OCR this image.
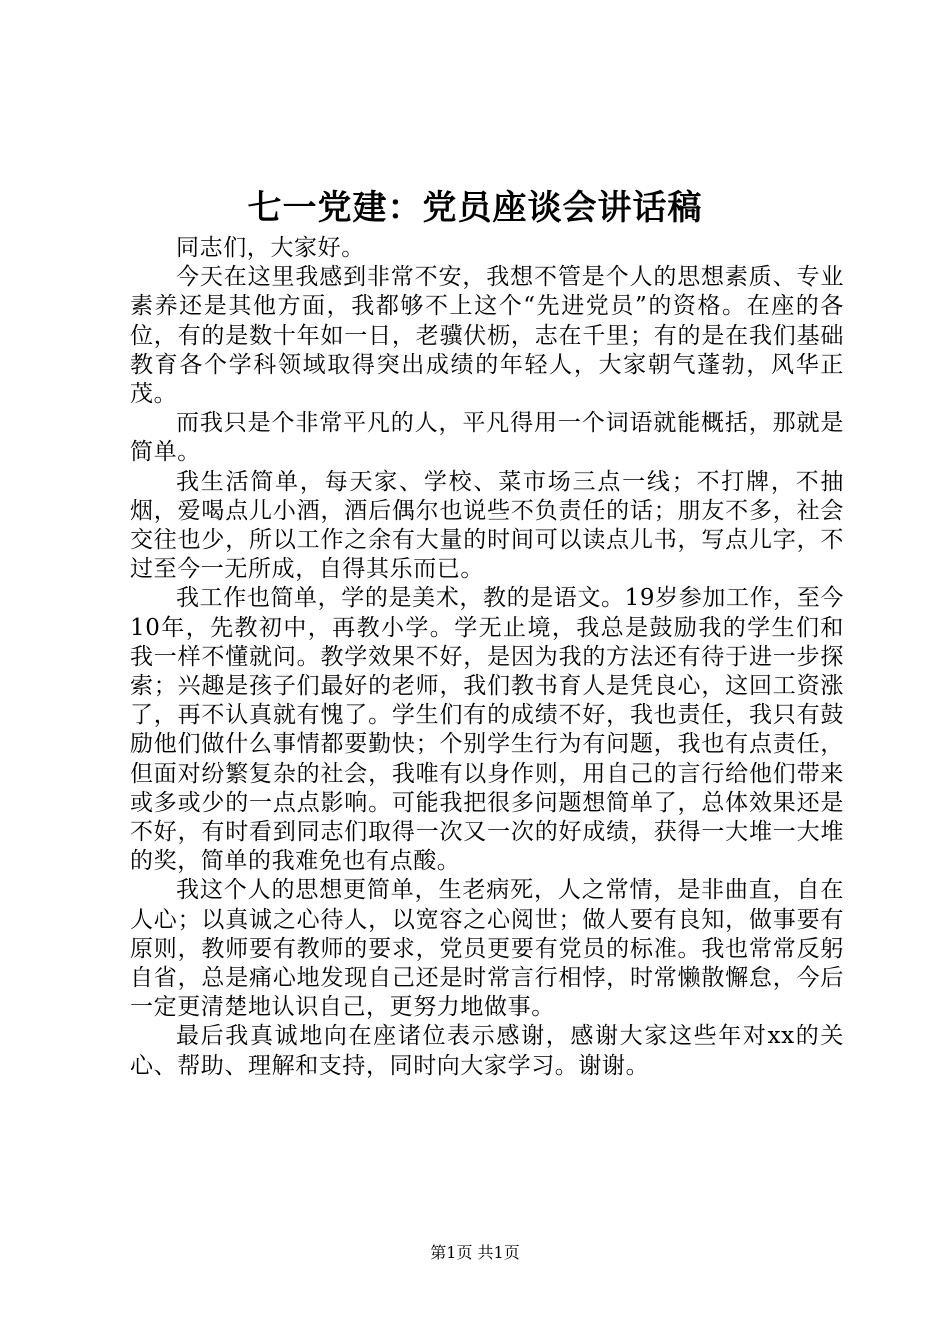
七一党建：党员座谈会讲话稿

同志们，大家好。

今天在这里我感到非常不安，我想不管是个人的思想素质、专业素养还是其他方面，我都够不上这个“先进党员”的资格。在座的各位，有的是数十年如一日，老骥伏枥，志在千里；有的是在我们基础教育各个学科领域取得突出成绩的年轻人，大家朝气蓬勃，风华正茂。

而我只是个非常平凡的人，平凡得用一个词语就能概括，那就是简单。

我生活简单，每天家、学校、菜市场三点一线；不打牌，不抽烟，爱喝点儿小酒，酒后偶尔也说些不负责任的话；朋友不多，社会交往也少，所以工作之余有大量的时间可以读点儿书，写点儿字，不过至今一无所成，自得其乐而已。

我工作也简单，学的是美术，教的是语文。19岁参加工作，至今10年，先教初中，再教小学。学无止境，我总是鼓励我的学生们和我一样不懂就问。教学效果不好，是因为我的方法还有待于进一步探索；兴趣是孩子们最好的老师，我们教书育人是凭良心，这回工资涨了，再不认真就有愧了。学生们有的成绩不好，我也责任，我只有鼓励他们做什么事情都要勤快；个别学生行为有问题，我也有点责任，但面对纷繁复杂的社会，我唯有以身作则，用自己的言行给他们带来或多或少的一点点影响。可能我把很多问题想简单了，总体效果还是不好，有时看到同志们取得一次又一次的好成绩，获得一大堆一大堆的奖，简单的我难免也有点酸。

我这个人的思想更简单，生老病死，人之常情，是非曲直，自在人心；以真诚之心待人，以宽容之心阅世；做人要有良知，做事要有原则，教师要有教师的要求，党员更要有党员的标准。我也常常反躬自省，总是痛心地发现自己还是时常言行相悖，时常懒散懈怠，今后一定更清楚地认识自己，更努力地做事。

最后我真诚地向在座诸位表示感谢，感谢大家这些年对xx的关心、帮助、理解和支持，同时向大家学习。谢谢。

第1页 共1页
